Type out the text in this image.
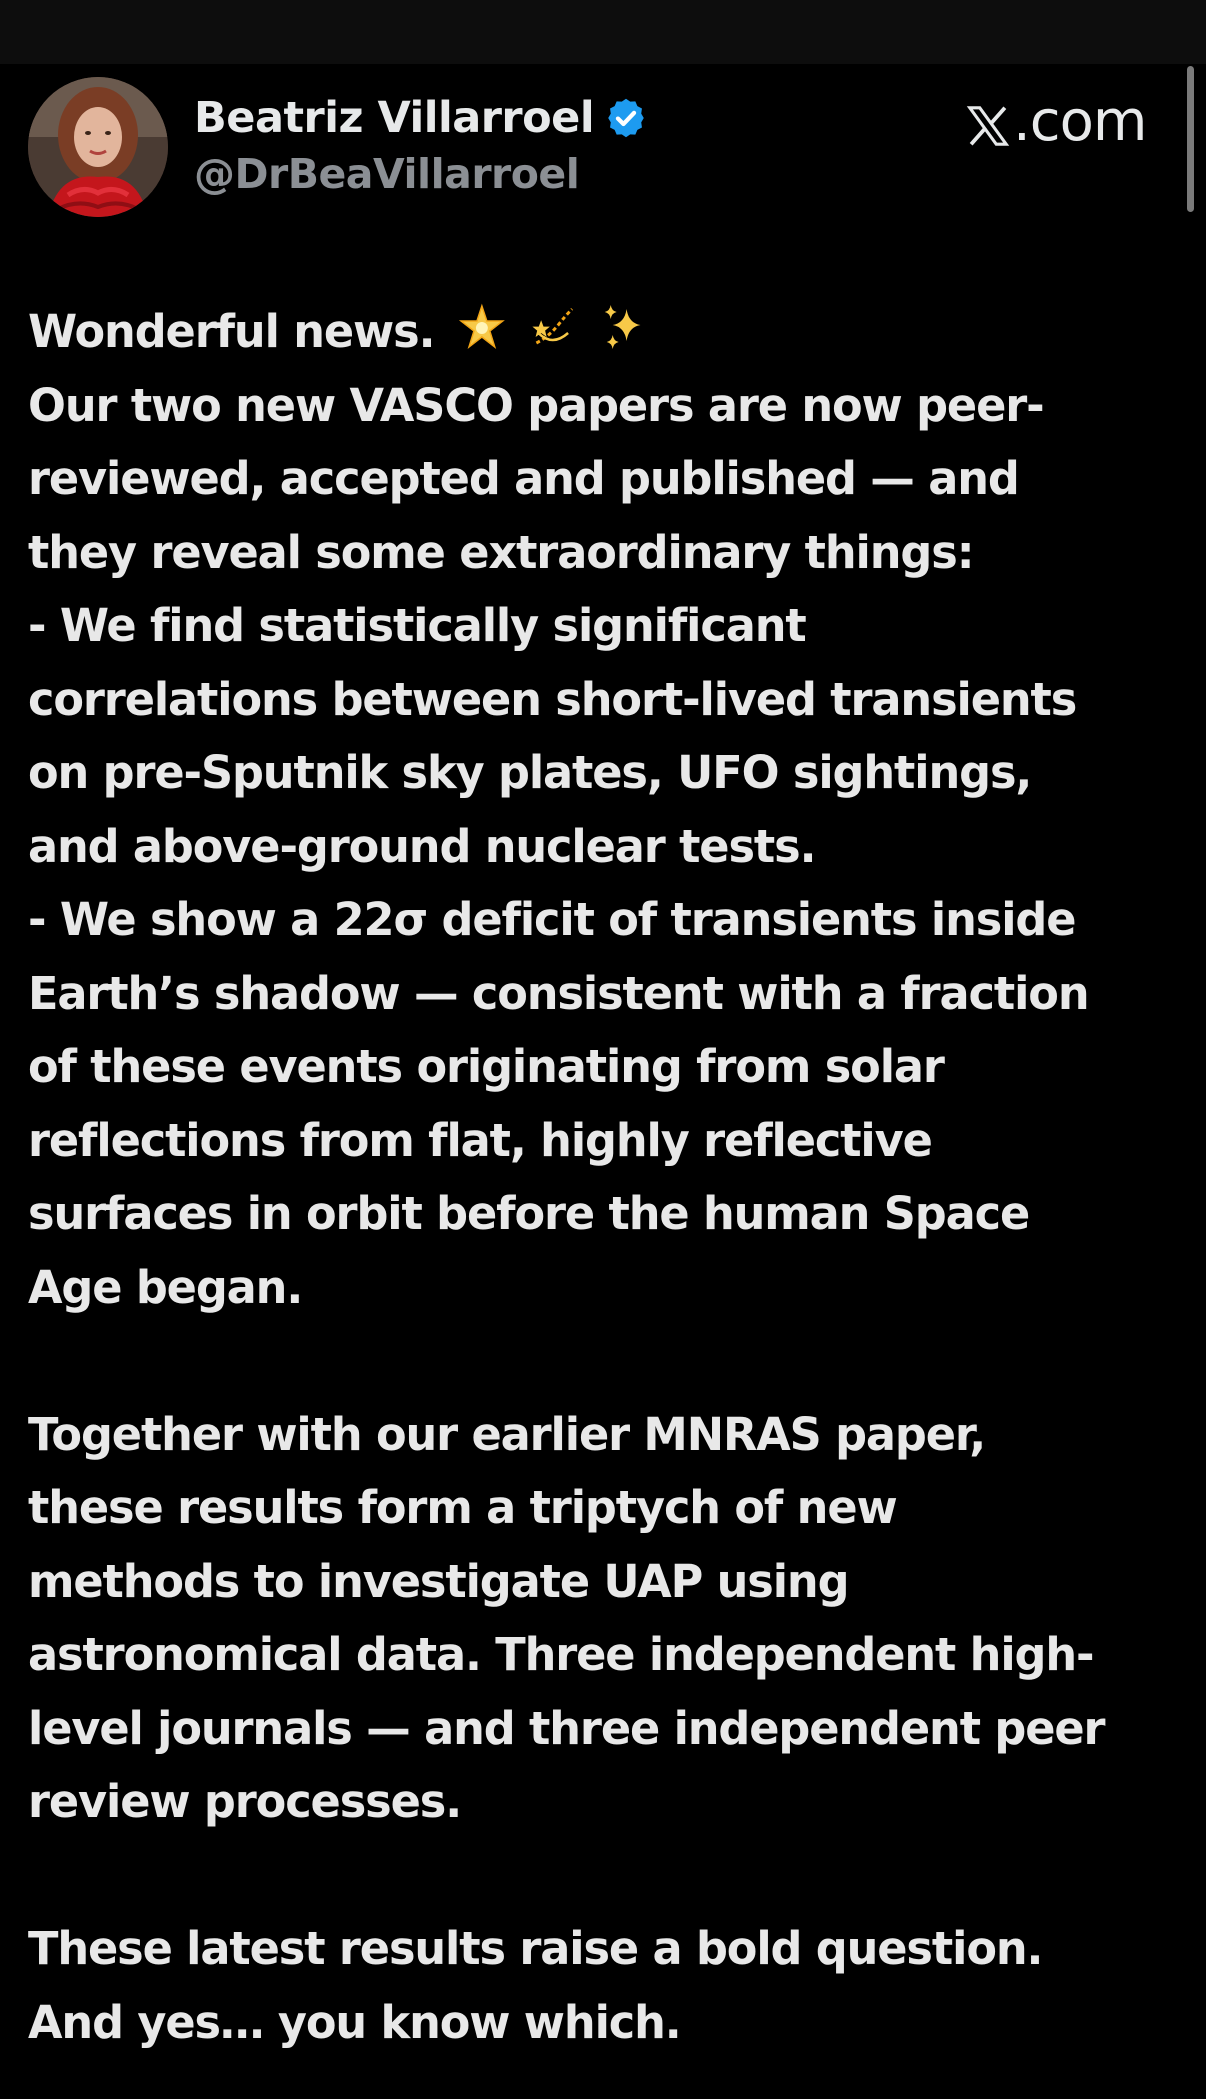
Beatriz Villarroel
@DrBeaVillarroel
.com
Wonderful news.
Our two new VASCO papers are now peer-
reviewed, accepted and published — and
they reveal some extraordinary things:
- We find statistically significant
correlations between short-lived transients
on pre-Sputnik sky plates, UFO sightings,
and above-ground nuclear tests.
- We show a 22σ deficit of transients inside
Earth’s shadow — consistent with a fraction
of these events originating from solar
reflections from flat, highly reflective
surfaces in orbit before the human Space
Age began.
Together with our earlier MNRAS paper,
these results form a triptych of new
methods to investigate UAP using
astronomical data. Three independent high-
level journals — and three independent peer
review processes.
These latest results raise a bold question.
And yes… you know which.
